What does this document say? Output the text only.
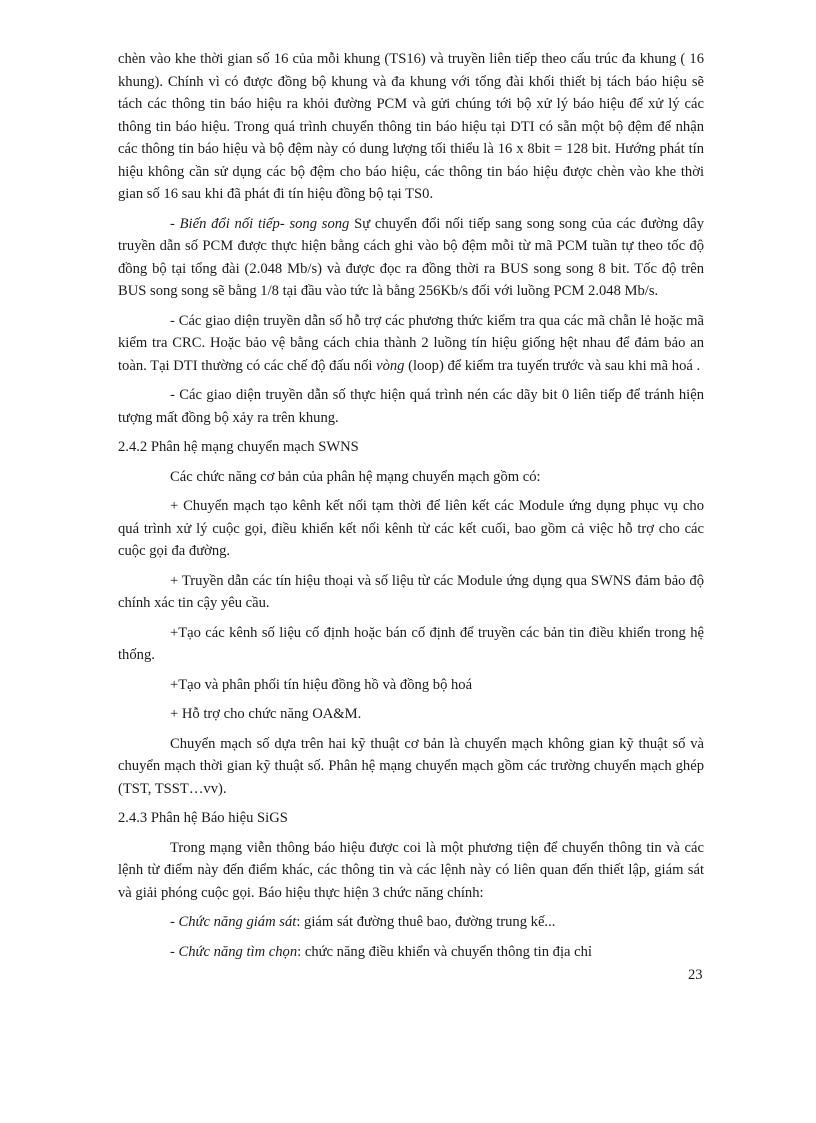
chèn vào khe thời gian số 16 của mỗi khung (TS16) và truyền liên tiếp theo cấu trúc đa khung ( 16 khung). Chính vì có được đồng bộ khung và đa khung với tổng đài khối thiết bị tách báo hiệu sẽ tách các thông tin báo hiệu ra khỏi đường PCM và gửi chúng tới bộ xử lý báo hiệu để xử lý các thông tin báo hiệu. Trong quá trình chuyển thông tin báo hiệu tại DTI có sẵn một bộ đệm để nhận các thông tin báo hiệu và bộ đệm này có dung lượng tối thiểu là 16 x 8bit = 128 bit. Hướng phát tín hiệu không cần sử dụng các bộ đệm cho báo hiệu, các thông tin báo hiệu được chèn vào khe thời gian số 16 sau khi đã phát đi tín hiệu đồng bộ tại TS0.

- Biến đổi nối tiếp- song song Sự chuyển đổi nối tiếp sang song song của các đường dây truyền dẫn số PCM được thực hiện bằng cách ghi vào bộ đệm mỗi từ mã PCM tuần tự theo tốc độ đồng bộ tại tổng đài (2.048 Mb/s) và được đọc ra đồng thời ra BUS song song 8 bit. Tốc độ trên BUS song song sẽ bằng 1/8 tại đầu vào tức là bằng 256Kb/s đối với luồng PCM 2.048 Mb/s.

- Các giao diện truyền dẫn số hỗ trợ các phương thức kiểm tra qua các mã chẵn lẻ hoặc mã kiểm tra CRC. Hoặc bảo vệ bằng cách chia thành 2 luồng tín hiệu giống hệt nhau để đảm bảo an toàn. Tại DTI thường có các chế độ đấu nối vòng (loop) để kiểm tra tuyến trước và sau khi mã hoá .

- Các giao diện truyền dẫn số thực hiện quá trình nén các dãy bit 0 liên tiếp để tránh hiện tượng mất đồng bộ xảy ra trên khung.

2.4.2 Phân hệ mạng chuyển mạch SWNS

Các chức năng cơ bản của phân hệ mạng chuyển mạch gồm có:

+ Chuyển mạch tạo kênh kết nối tạm thời để liên kết các Module ứng dụng phục vụ cho quá trình xử lý cuộc gọi, điều khiển kết nối kênh từ các kết cuối, bao gồm cả việc hỗ trợ cho các cuộc gọi đa đường.

+ Truyền dẫn các tín hiệu thoại và số liệu từ các Module ứng dụng qua SWNS đảm bảo độ chính xác tin cậy yêu cầu.

+Tạo các kênh số liệu cố định hoặc bán cố định để truyền các bản tin điều khiển trong hệ thống.

+Tạo và phân phối tín hiệu đồng hồ và đồng bộ hoá

+ Hỗ trợ cho chức năng OA&M.

Chuyển mạch số dựa trên hai kỹ thuật cơ bản là chuyển mạch không gian kỹ thuật số và chuyển mạch thời gian kỹ thuật số. Phân hệ mạng chuyển mạch gồm các trường chuyển mạch ghép (TST, TSST…vv).

2.4.3 Phân hệ Báo hiệu SiGS

Trong mạng viễn thông báo hiệu được coi là một phương tiện để chuyển thông tin và các lệnh từ điểm này đến điểm khác, các thông tin và các lệnh này có liên quan đến thiết lập, giám sát và giải phóng cuộc gọi. Báo hiệu thực hiện 3 chức năng chính:

- Chức năng giám sát: giám sát đường thuê bao, đường trung kế...

- Chức năng tìm chọn: chức năng điều khiển và chuyển thông tin địa chỉ

23
